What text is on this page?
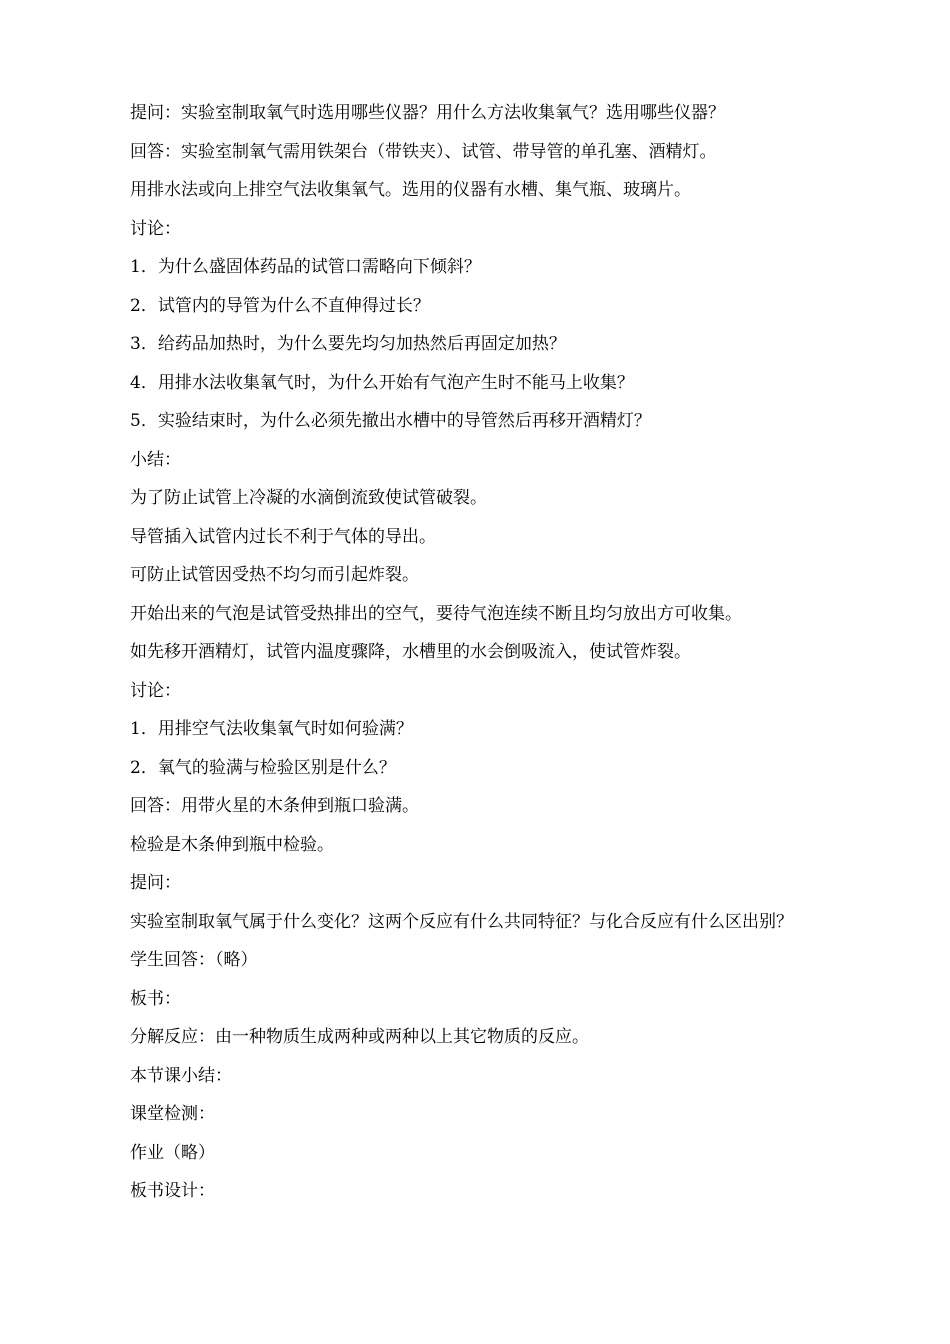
提问：实验室制取氧气时选用哪些仪器？用什么方法收集氧气？选用哪些仪器？

回答：实验室制氧气需用铁架台（带铁夹）、试管、带导管的单孔塞、酒精灯。

用排水法或向上排空气法收集氧气。选用的仪器有水槽、集气瓶、玻璃片。

讨论：

1．为什么盛固体药品的试管口需略向下倾斜？

2．试管内的导管为什么不直伸得过长？

3．给药品加热时，为什么要先均匀加热然后再固定加热？

4．用排水法收集氧气时，为什么开始有气泡产生时不能马上收集？

5．实验结束时，为什么必须先撤出水槽中的导管然后再移开酒精灯？

小结：

为了防止试管上冷凝的水滴倒流致使试管破裂。

导管插入试管内过长不利于气体的导出。

可防止试管因受热不均匀而引起炸裂。

开始出来的气泡是试管受热排出的空气，要待气泡连续不断且均匀放出方可收集。

如先移开酒精灯，试管内温度骤降，水槽里的水会倒吸流入，使试管炸裂。

讨论：

1．用排空气法收集氧气时如何验满？

2．氧气的验满与检验区别是什么？

回答：用带火星的木条伸到瓶口验满。

检验是木条伸到瓶中检验。

提问：

实验室制取氧气属于什么变化？这两个反应有什么共同特征？与化合反应有什么区出别？

学生回答：（略）

板书：

分解反应：由一种物质生成两种或两种以上其它物质的反应。

本节课小结：

课堂检测：

作业（略）

板书设计：
